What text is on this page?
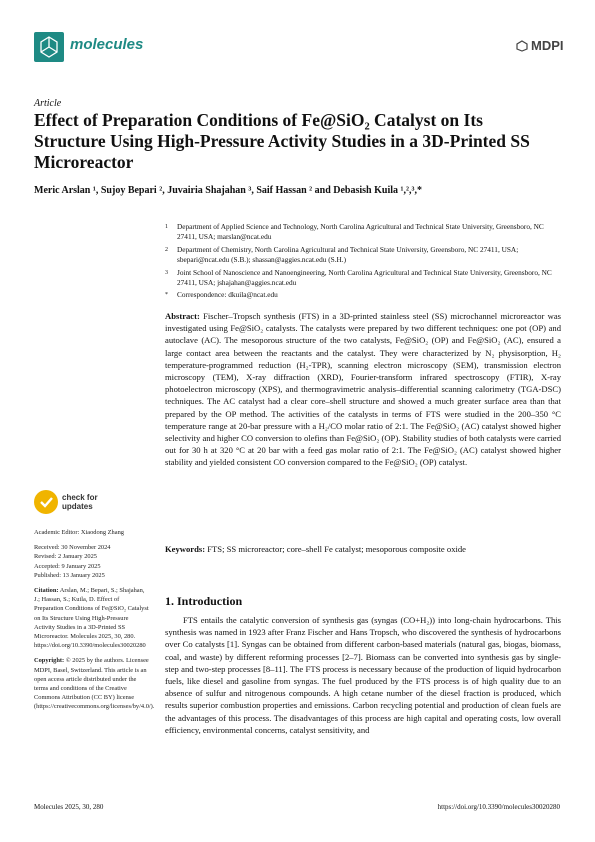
molecules	MDPI
Article
Effect of Preparation Conditions of Fe@SiO₂ Catalyst on Its Structure Using High-Pressure Activity Studies in a 3D-Printed SS Microreactor
Meric Arslan ¹, Sujoy Bepari ², Juvairia Shajahan ³, Saif Hassan ² and Debasish Kuila ¹,²,³,*
1 Department of Applied Science and Technology, North Carolina Agricultural and Technical State University, Greensboro, NC 27411, USA; marslan@ncat.edu
2 Department of Chemistry, North Carolina Agricultural and Technical State University, Greensboro, NC 27411, USA; sbepari@ncat.edu (S.B.); shassan@aggies.ncat.edu (S.H.)
3 Joint School of Nanoscience and Nanoengineering, North Carolina Agricultural and Technical State University, Greensboro, NC 27411, USA; jshajahan@aggies.ncat.edu
* Correspondence: dkuila@ncat.edu
Abstract: Fischer–Tropsch synthesis (FTS) in a 3D-printed stainless steel (SS) microchannel microreactor was investigated using Fe@SiO₂ catalysts. The catalysts were prepared by two different techniques: one pot (OP) and autoclave (AC). The mesoporous structure of the two catalysts, Fe@SiO₂ (OP) and Fe@SiO₂ (AC), ensured a large contact area between the reactants and the catalyst. They were characterized by N₂ physisorption, H₂ temperature-programmed reduction (H₂-TPR), scanning electron microscopy (SEM), transmission electron microscopy (TEM), X-ray diffraction (XRD), Fourier-transform infrared spectroscopy (FTIR), X-ray photoelectron microscopy (XPS), and thermogravimetric analysis–differential scanning calorimetry (TGA-DSC) techniques. The AC catalyst had a clear core–shell structure and showed a much greater surface area than that prepared by the OP method. The activities of the catalysts in terms of FTS were studied in the 200–350 °C temperature range at 20-bar pressure with a H₂/CO molar ratio of 2:1. The Fe@SiO₂ (AC) catalyst showed higher selectivity and higher CO conversion to olefins than Fe@SiO₂ (OP). Stability studies of both catalysts were carried out for 30 h at 320 °C at 20 bar with a feed gas molar ratio of 2:1. The Fe@SiO₂ (AC) catalyst showed higher stability and yielded consistent CO conversion compared to the Fe@SiO₂ (OP) catalyst.
Keywords: FTS; SS microreactor; core–shell Fe catalyst; mesoporous composite oxide
check for
updates

Academic Editor: Xiaodong Zhang

Received: 30 November 2024

Revised: 2 January 2025

Accepted: 9 January 2025

Published: 13 January 2025

Citation: Arslan, M.; Bepari, S.; Shajahan, J.; Hassan, S.; Kuila, D. Effect of Preparation Conditions of Fe@SiO₂ Catalyst on Its Structure Using High-Pressure Activity Studies in a 3D-Printed SS Microreactor. Molecules 2025, 30, 280. https://doi.org/10.3390/molecules30020280

Copyright: © 2025 by the authors. Licensee MDPI, Basel, Switzerland. This article is an open access article distributed under the terms and conditions of the Creative Commons Attribution (CC BY) license (https://creativecommons.org/licenses/by/4.0/).

1. Introduction
FTS entails the catalytic conversion of synthesis gas (syngas (CO+H₂)) into long-chain hydrocarbons. This synthesis was named in 1923 after Franz Fischer and Hans Tropsch, who discovered the synthesis of hydrocarbons over Co catalysts [1]. Syngas can be obtained from different carbon-based materials (natural gas, biogas, biomass, coal, and waste) by different reforming processes [2–7]. Biomass can be converted into synthesis gas by single-step and two-step processes [8–11]. The FTS process is necessary because of the production of liquid hydrocarbon fuels, like diesel and gasoline from syngas. The fuel produced by the FTS process is of high quality due to an absence of sulfur and nitrogenous compounds. A high cetane number of the diesel fraction is produced, which results superior combustion properties and emissions. Carbon recycling potential and production of clean fuels are the advantages of this process. The disadvantages of this process are high capital and operating costs, low overall efficiency, environmental concerns, catalyst sensitivity, and
Molecules 2025, 30, 280	https://doi.org/10.3390/molecules30020280
